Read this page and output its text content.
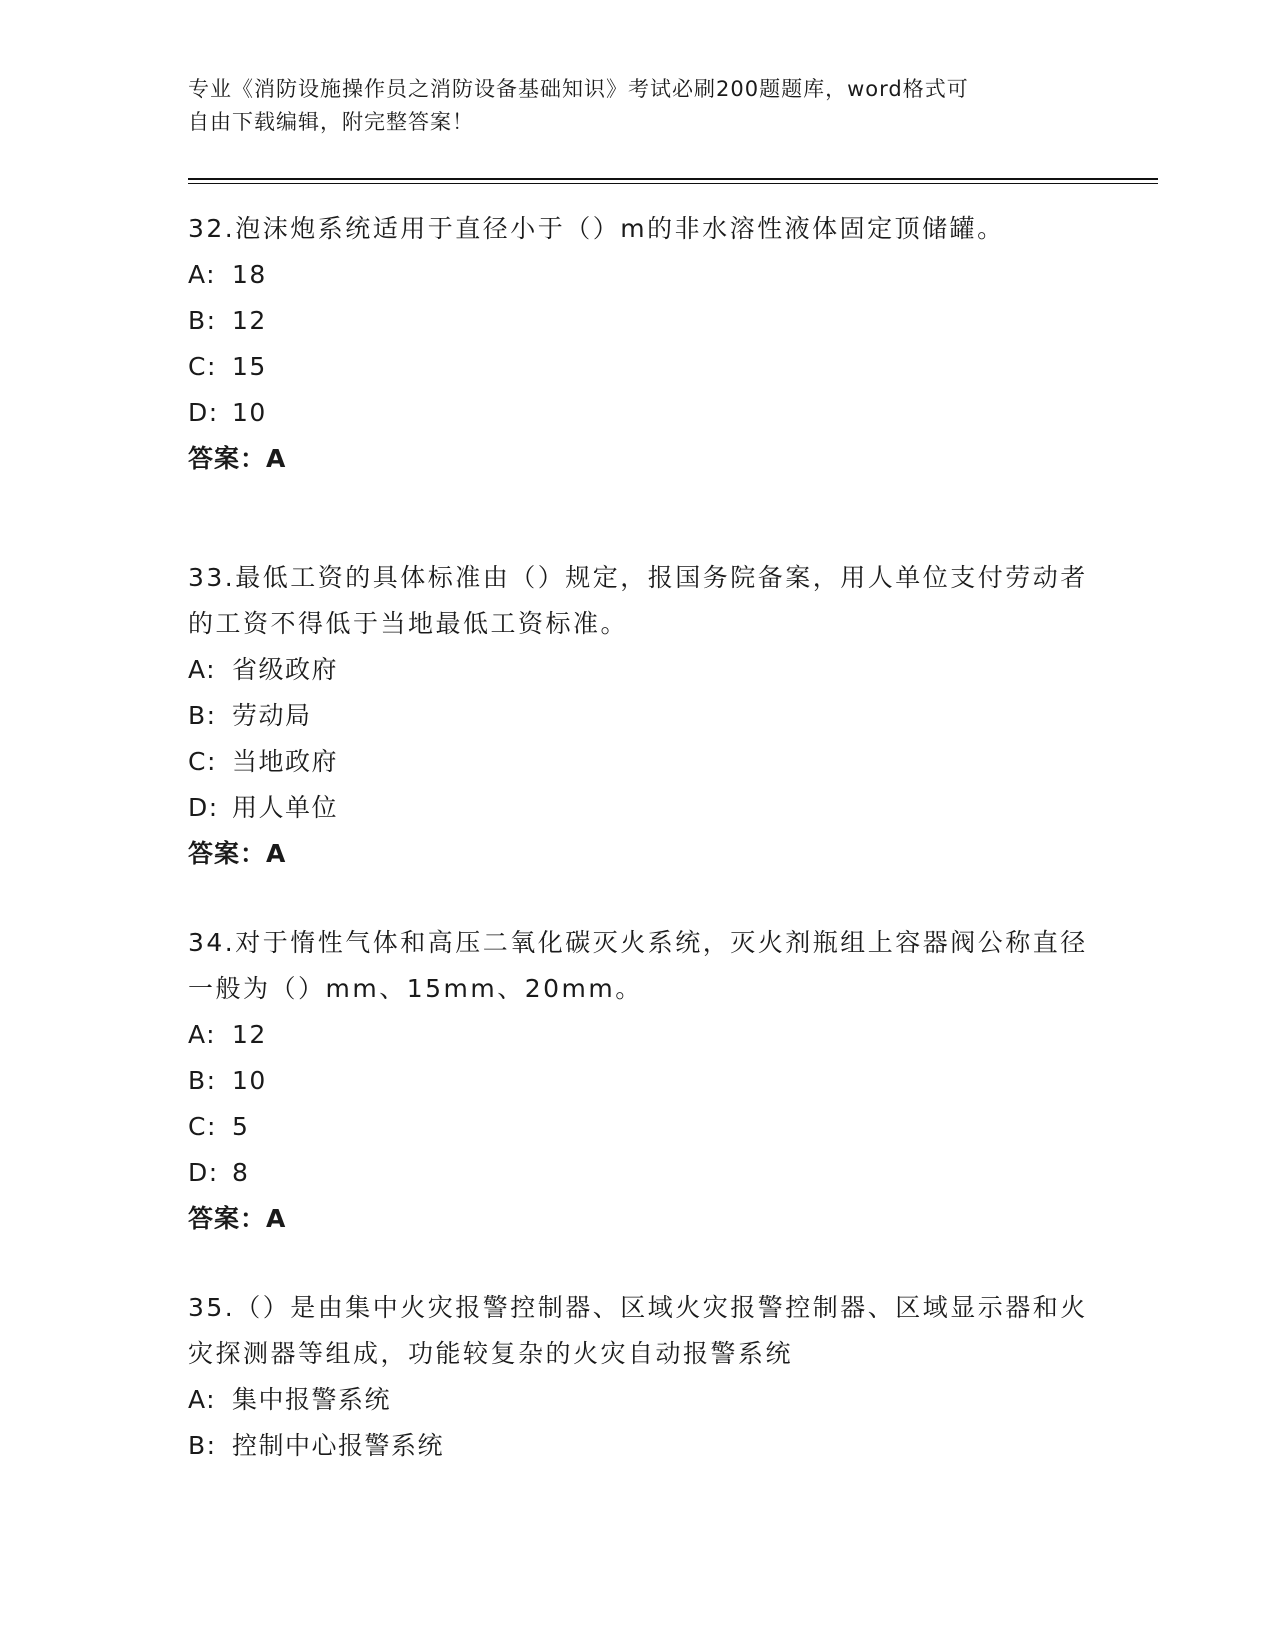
专业《消防设施操作员之消防设备基础知识》考试必刷200题题库，word格式可
自由下载编辑，附完整答案！
32.泡沫炮系统适用于直径小于（）m的非水溶性液体固定顶储罐。
A: 18
B: 12
C: 15
D: 10
答案：A
33.最低工资的具体标准由（）规定，报国务院备案，用人单位支付劳动者的工资不得低于当地最低工资标准。
A: 省级政府
B: 劳动局
C: 当地政府
D: 用人单位
答案：A
34.对于惰性气体和高压二氧化碳灭火系统，灭火剂瓶组上容器阀公称直径一般为（）mm、15mm、20mm。
A: 12
B: 10
C: 5
D: 8
答案：A
35.（）是由集中火灾报警控制器、区域火灾报警控制器、区域显示器和火灾探测器等组成，功能较复杂的火灾自动报警系统
A: 集中报警系统
B: 控制中心报警系统
